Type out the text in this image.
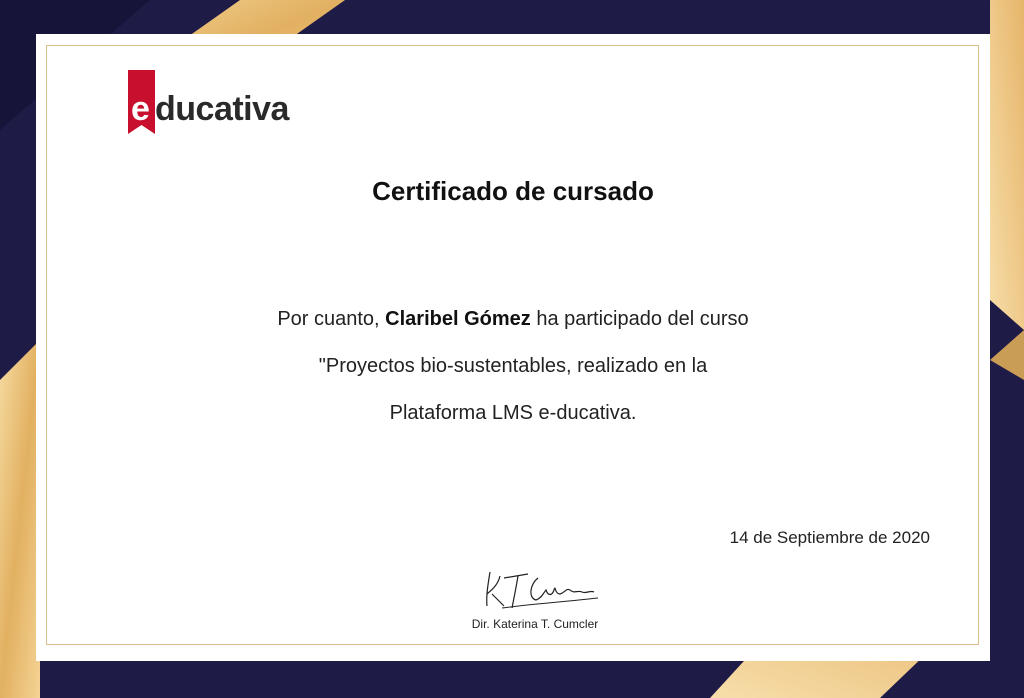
e ducativa
Certificado de cursado
Por cuanto, Claribel Gómez ha participado del curso
"Proyectos bio-sustentables, realizado en la
Plataforma LMS e-ducativa.
14 de Septiembre de 2020
Dir. Katerina T. Cumcler
